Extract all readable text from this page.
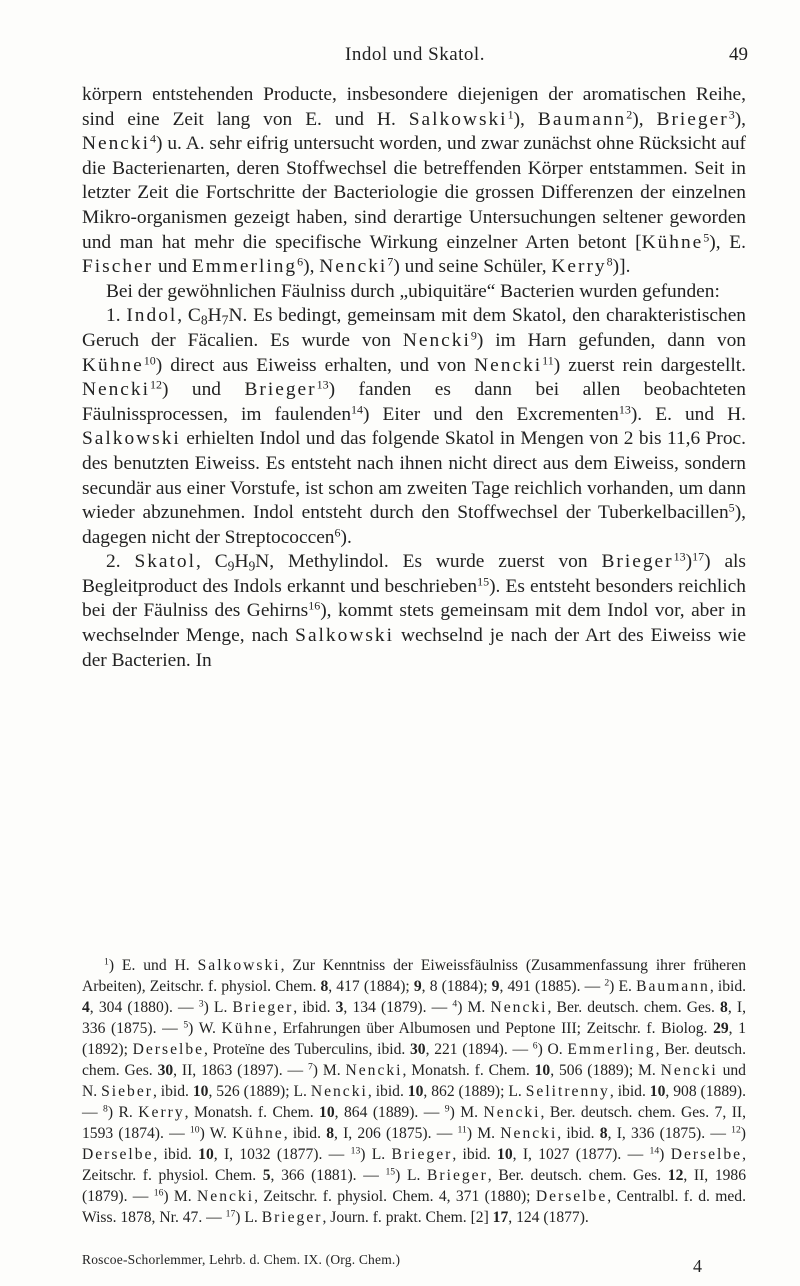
Indol und Skatol.	49

körpern entstehenden Producte, insbesondere diejenigen der aromatischen Reihe, sind eine Zeit lang von E. und H. Salkowski$^1$), Baumann$^2$), Brieger$^3$), Nencki$^4$) u. A. sehr eifrig untersucht worden, und zwar zunächst ohne Rücksicht auf die Bacterienarten, deren Stoffwechsel die betreffenden Körper entstammen. Seit in letzter Zeit die Fortschritte der Bacteriologie die grossen Differenzen der einzelnen Mikro-organismen gezeigt haben, sind derartige Untersuchungen seltener geworden und man hat mehr die specifische Wirkung einzelner Arten betont [Kühne$^5$), E. Fischer und Emmerling$^6$), Nencki$^7$) und seine Schüler, Kerry$^8$)].

Bei der gewöhnlichen Fäulniss durch „ubiquitäre“ Bacterien wurden gefunden:

1. Indol, $C_8H_7N$. Es bedingt, gemeinsam mit dem Skatol, den charakteristischen Geruch der Fäcalien. Es wurde von Nencki$^9$) im Harn gefunden, dann von Kühne$^{10}$) direct aus Eiweiss erhalten, und von Nencki$^{11}$) zuerst rein dargestellt. Nencki$^{12}$) und Brieger$^{13}$) fanden es dann bei allen beobachteten Fäulnissprocessen, im faulenden$^{14}$) Eiter und den Excrementen$^{13}$). E. und H. Salkowski erhielten Indol und das folgende Skatol in Mengen von 2 bis 11,6 Proc. des benutzten Eiweiss. Es entsteht nach ihnen nicht direct aus dem Eiweiss, sondern secundär aus einer Vorstufe, ist schon am zweiten Tage reichlich vorhanden, um dann wieder abzunehmen. Indol entsteht durch den Stoffwechsel der Tuberkelbacillen$^5$), dagegen nicht der Streptococcen$^6$).

2. Skatol, $C_9H_9N$, Methylindol. Es wurde zuerst von Brieger$^{13}$)$^{17}$) als Begleitproduct des Indols erkannt und beschrieben$^{15}$). Es entsteht besonders reichlich bei der Fäulniss des Gehirns$^{16}$), kommt stets gemeinsam mit dem Indol vor, aber in wechselnder Menge, nach Salkowski wechselnd je nach der Art des Eiweiss wie der Bacterien. In

$^1$) E. und H. Salkowski, Zur Kenntniss der Eiweissfäulniss (Zusammenfassung ihrer früheren Arbeiten), Zeitschr. f. physiol. Chem. 8, 417 (1884); 9, 8 (1884); 9, 491 (1885). — $^2$) E. Baumann, ibid. 4, 304 (1880). — $^3$) L. Brieger, ibid. 3, 134 (1879). — $^4$) M. Nencki, Ber. deutsch. chem. Ges. 8, I, 336 (1875). — $^5$) W. Kühne, Erfahrungen über Albumosen und Peptone III; Zeitschr. f. Biolog. 29, 1 (1892); Derselbe, Proteïne des Tuberculins, ibid. 30, 221 (1894). — $^6$) O. Emmerling, Ber. deutsch. chem. Ges. 30, II, 1863 (1897). — $^7$) M. Nencki, Monatsh. f. Chem. 10, 506 (1889); M. Nencki und N. Sieber, ibid. 10, 526 (1889); L. Nencki, ibid. 10, 862 (1889); L. Selitrenny, ibid. 10, 908 (1889). — $^8$) R. Kerry, Monatsh. f. Chem. 10, 864 (1889). — $^9$) M. Nencki, Ber. deutsch. chem. Ges. 7, II, 1593 (1874). — $^{10}$) W. Kühne, ibid. 8, I, 206 (1875). — $^{11}$) M. Nencki, ibid. 8, I, 336 (1875). — $^{12}$) Derselbe, ibid. 10, I, 1032 (1877). — $^{13}$) L. Brieger, ibid. 10, I, 1027 (1877). — $^{14}$) Derselbe, Zeitschr. f. physiol. Chem. 5, 366 (1881). — $^{15}$) L. Brieger, Ber. deutsch. chem. Ges. 12, II, 1986 (1879). — $^{16}$) M. Nencki, Zeitschr. f. physiol. Chem. 4, 371 (1880); Derselbe, Centralbl. f. d. med. Wiss. 1878, Nr. 47. — $^{17}$) L. Brieger, Journ. f. prakt. Chem. [2] 17, 124 (1877).

Roscoe-Schorlemmer, Lehrb. d. Chem. IX. (Org. Chem.)	4
